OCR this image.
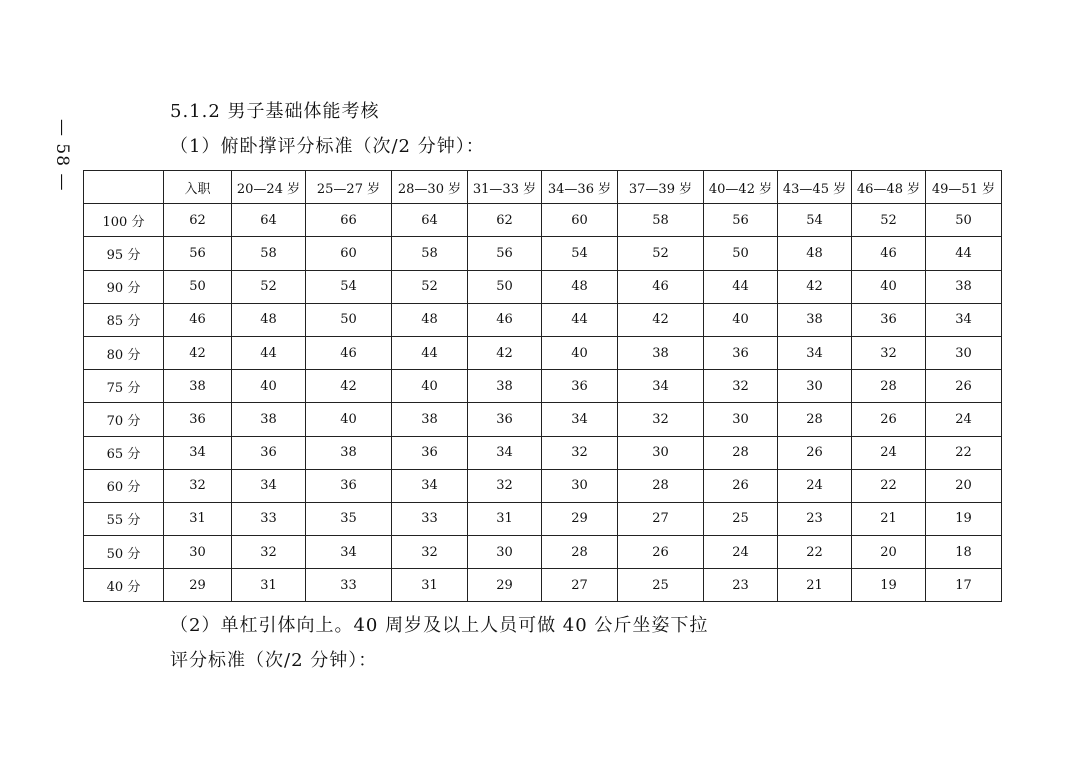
— 58 —
5.1.2 男子基础体能考核
（1）俯卧撑评分标准（次/2 分钟）：
	入职	20—24 岁	25—27 岁	28—30 岁	31—33 岁	34—36 岁	37—39 岁	40—42 岁	43—45 岁	46—48 岁	49—51 岁
100 分	62	64	66	64	62	60	58	56	54	52	50
95 分	56	58	60	58	56	54	52	50	48	46	44
90 分	50	52	54	52	50	48	46	44	42	40	38
85 分	46	48	50	48	46	44	42	40	38	36	34
80 分	42	44	46	44	42	40	38	36	34	32	30
75 分	38	40	42	40	38	36	34	32	30	28	26
70 分	36	38	40	38	36	34	32	30	28	26	24
65 分	34	36	38	36	34	32	30	28	26	24	22
60 分	32	34	36	34	32	30	28	26	24	22	20
55 分	31	33	35	33	31	29	27	25	23	21	19
50 分	30	32	34	32	30	28	26	24	22	20	18
40 分	29	31	33	31	29	27	25	23	21	19	17
（2）单杠引体向上。40 周岁及以上人员可做 40 公斤坐姿下拉
评分标准（次/2 分钟）：
